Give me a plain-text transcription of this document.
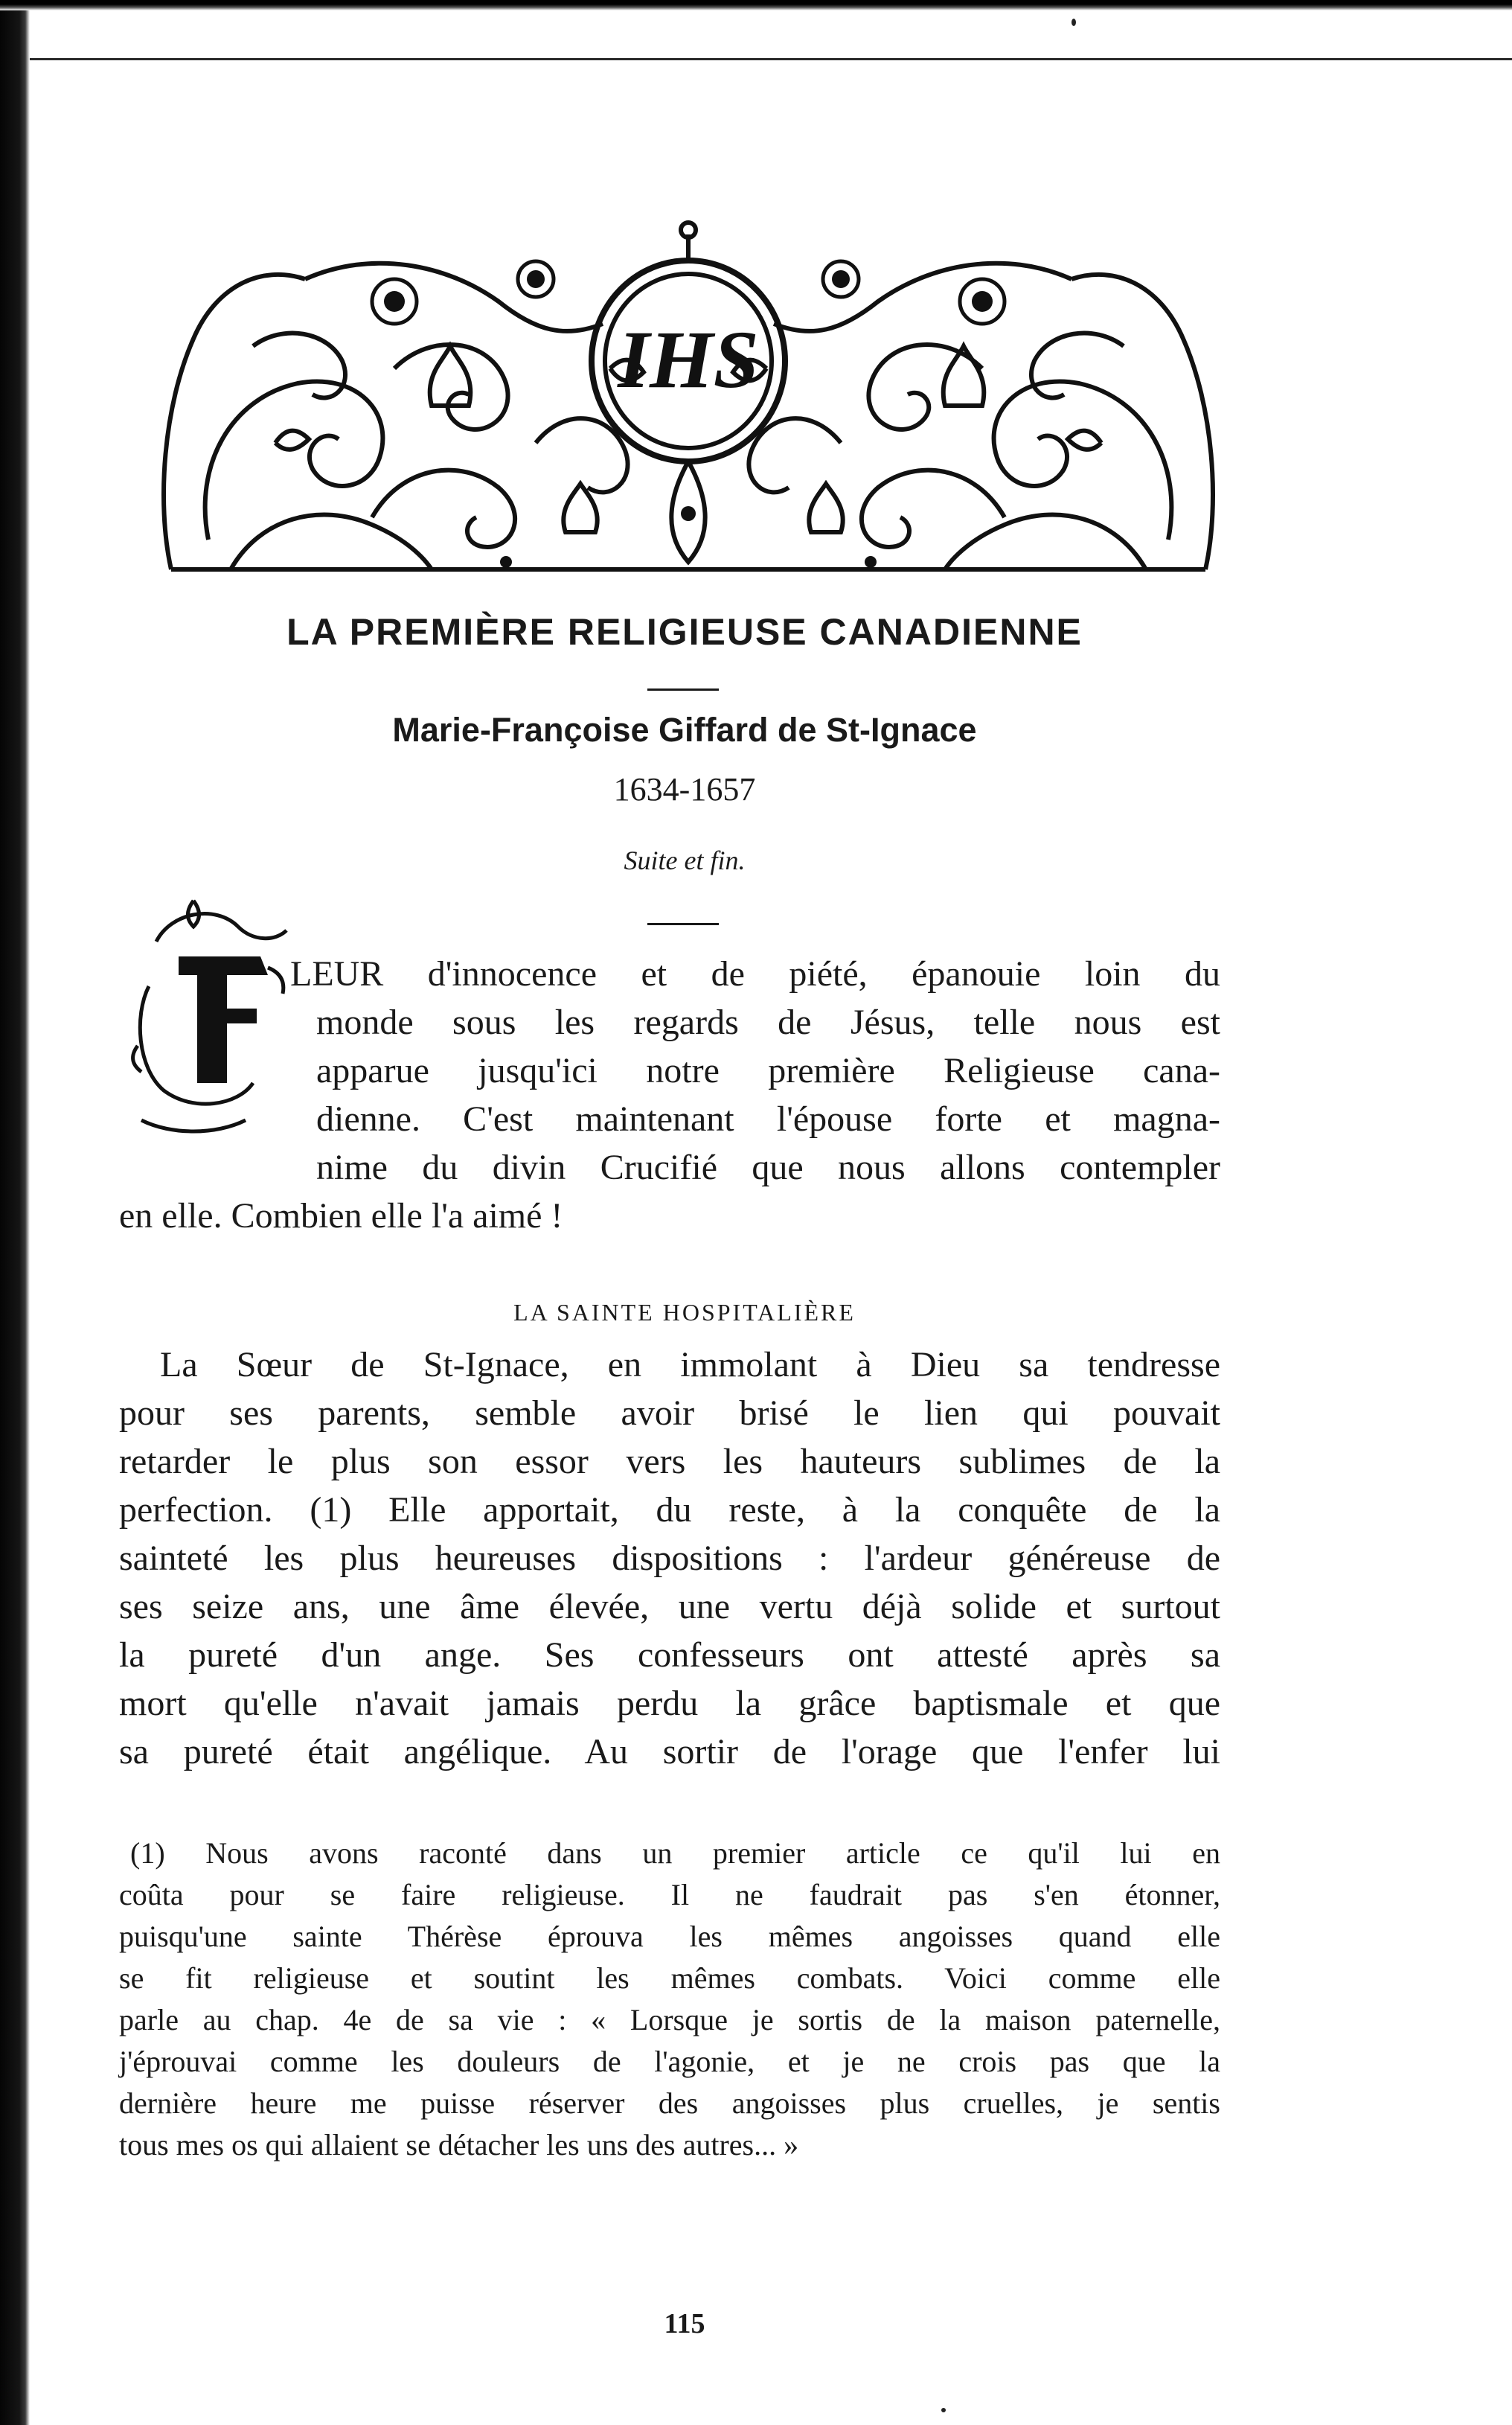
IHS
LA PREMIÈRE RELIGIEUSE CANADIENNE
Marie-Françoise Giffard de St-Ignace
1634-1657
Suite et fin.
LEUR d'innocence et de piété, épanouie loin du
monde sous les regards de Jésus, telle nous est
apparue jusqu'ici notre première Religieuse cana-
dienne. C'est maintenant l'épouse forte et magna-
nime du divin Crucifié que nous allons contempler
en elle. Combien elle l'a aimé !
LA SAINTE HOSPITALIÈRE
La Sœur de St-Ignace, en immolant à Dieu sa tendresse
pour ses parents, semble avoir brisé le lien qui pouvait
retarder le plus son essor vers les hauteurs sublimes de la
perfection. (1) Elle apportait, du reste, à la conquête de la
sainteté les plus heureuses dispositions : l'ardeur généreuse de
ses seize ans, une âme élevée, une vertu déjà solide et surtout
la pureté d'un ange. Ses confesseurs ont attesté après sa
mort qu'elle n'avait jamais perdu la grâce baptismale et que
sa pureté était angélique. Au sortir de l'orage que l'enfer lui
(1) Nous avons raconté dans un premier article ce qu'il lui en
coûta pour se faire religieuse. Il ne faudrait pas s'en étonner,
puisqu'une sainte Thérèse éprouva les mêmes angoisses quand elle
se fit religieuse et soutint les mêmes combats. Voici comme elle
parle au chap. 4e de sa vie : « Lorsque je sortis de la maison paternelle,
j'éprouvai comme les douleurs de l'agonie, et je ne crois pas que la
dernière heure me puisse réserver des angoisses plus cruelles, je sentis
tous mes os qui allaient se détacher les uns des autres... »
115
